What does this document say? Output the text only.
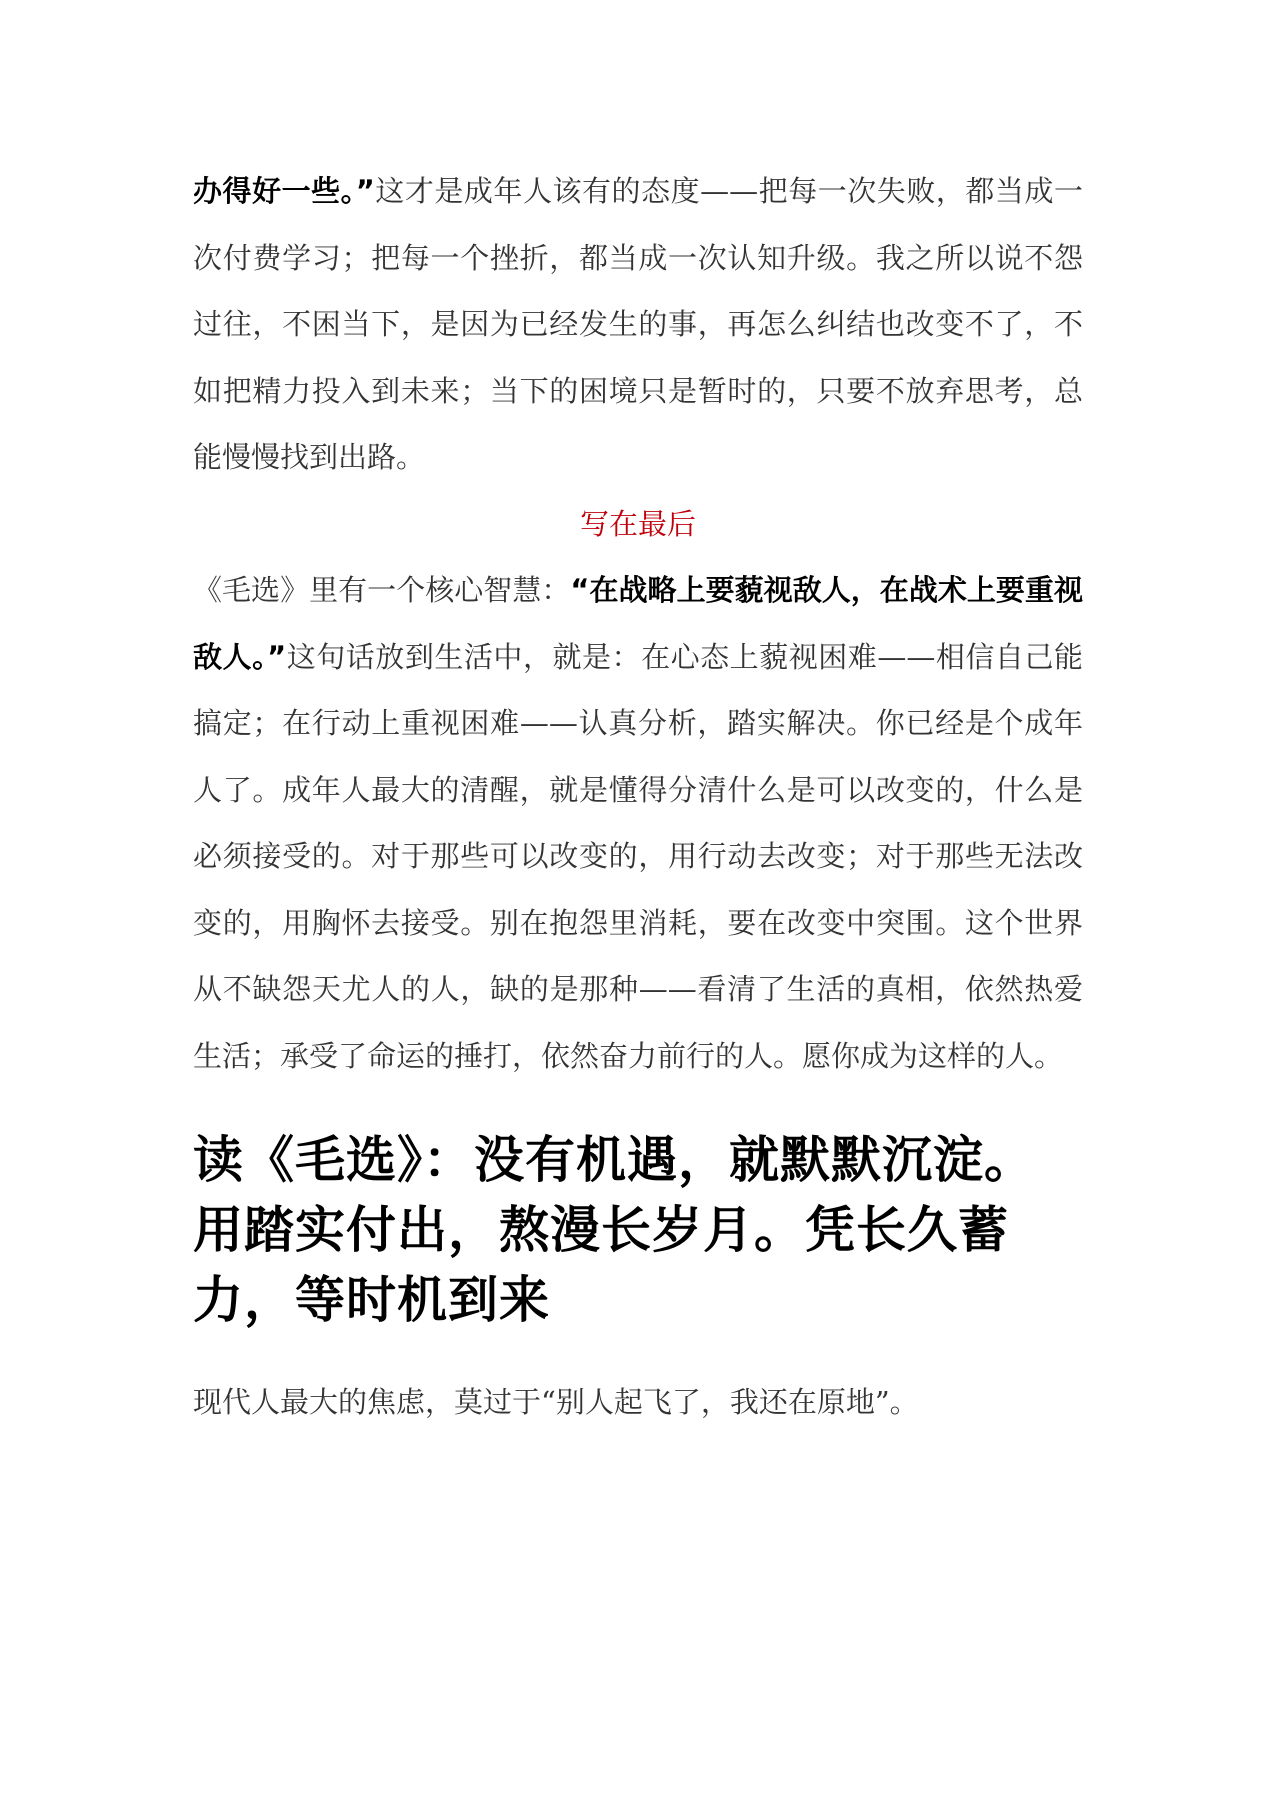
办得好一些。”这才是成年人该有的态度——把每一次失败，都当成一次付费学习；把每一个挫折，都当成一次认知升级。我之所以说不怨过往，不困当下，是因为已经发生的事，再怎么纠结也改变不了，不如把精力投入到未来；当下的困境只是暂时的，只要不放弃思考，总能慢慢找到出路。

写在最后

《毛选》里有一个核心智慧：“在战略上要藐视敌人，在战术上要重视敌人。”这句话放到生活中，就是：在心态上藐视困难——相信自己能搞定；在行动上重视困难——认真分析，踏实解决。你已经是个成年人了。成年人最大的清醒，就是懂得分清什么是可以改变的，什么是必须接受的。对于那些可以改变的，用行动去改变；对于那些无法改变的，用胸怀去接受。别在抱怨里消耗，要在改变中突围。这个世界从不缺怨天尤人的人，缺的是那种——看清了生活的真相，依然热爱生活；承受了命运的捶打，依然奋力前行的人。愿你成为这样的人。

读《毛选》：没有机遇，就默默沉淀。用踏实付出，熬漫长岁月。凭长久蓄力，等时机到来

现代人最大的焦虑，莫过于“别人起飞了，我还在原地”。
